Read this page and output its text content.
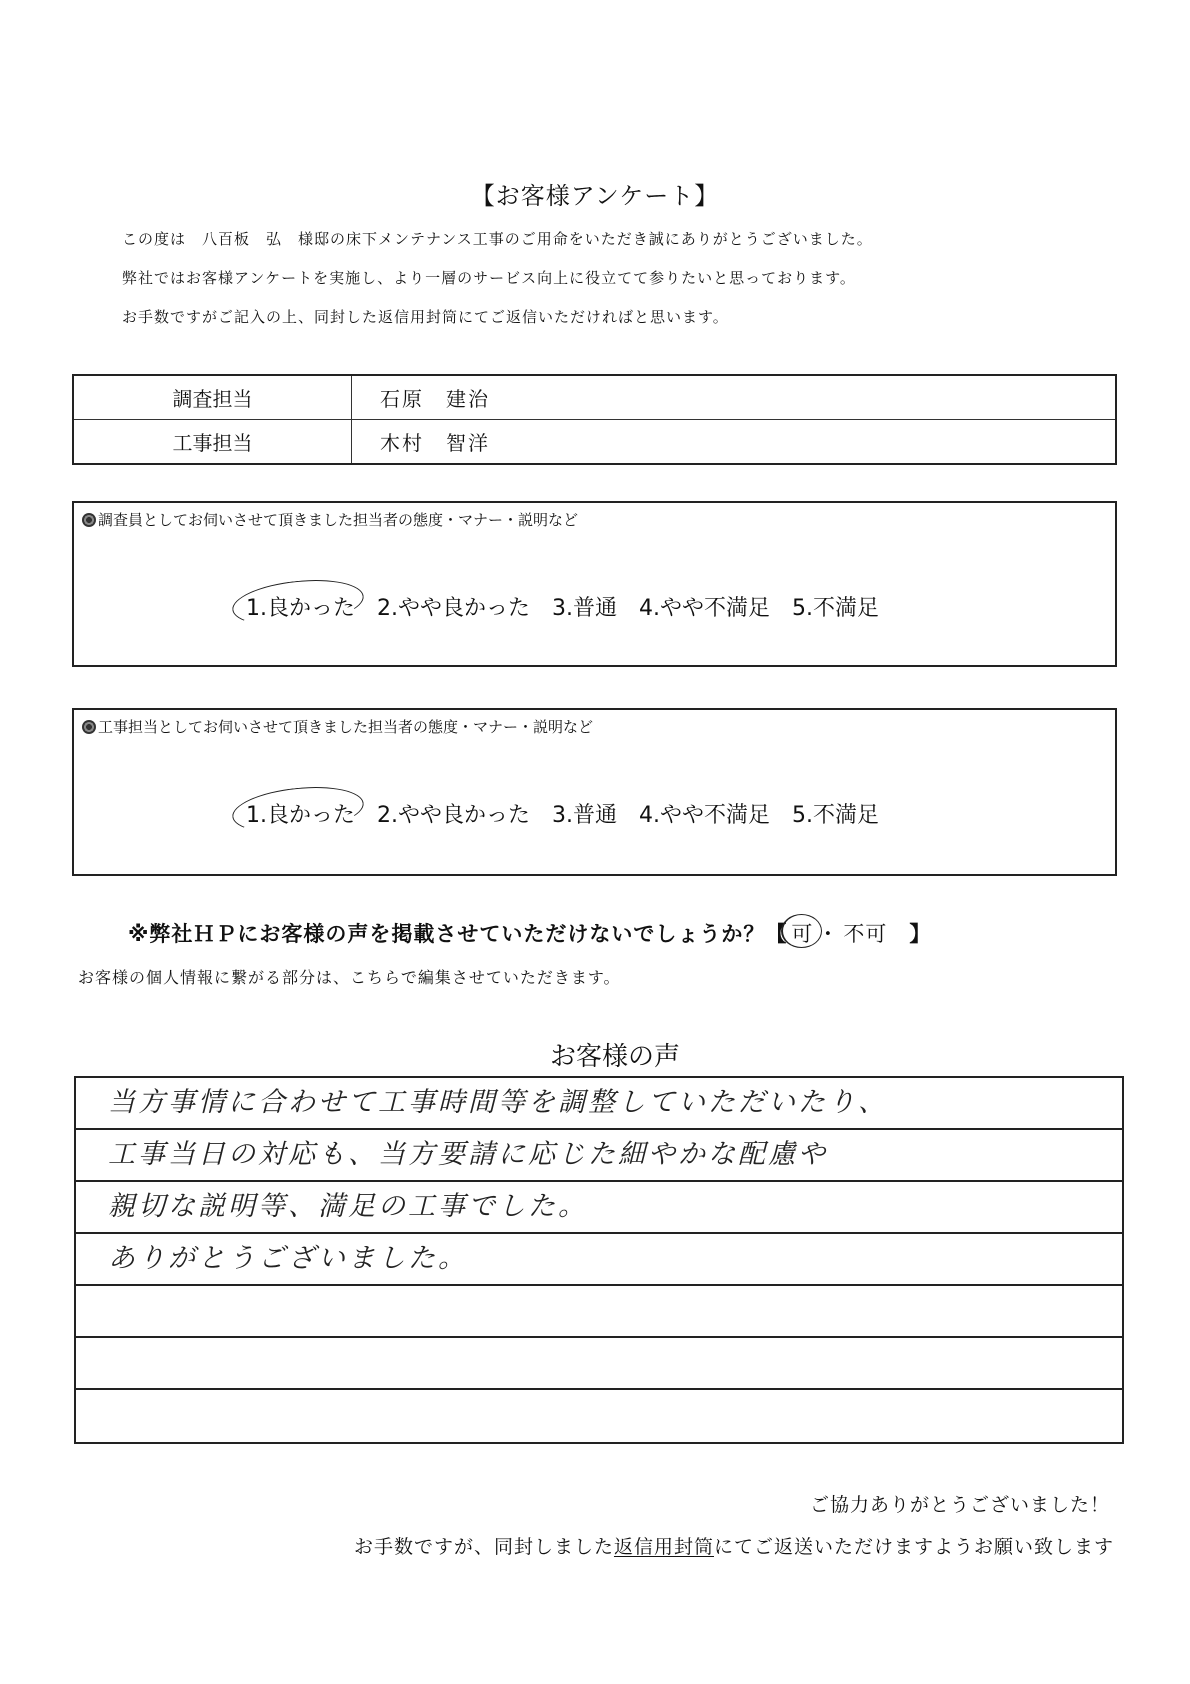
【お客様アンケート】
この度は　八百板　弘　様邸の床下メンテナンス工事のご用命をいただき誠にありがとうございました。
弊社ではお客様アンケートを実施し、より一層のサービス向上に役立てて参りたいと思っております。
お手数ですがご記入の上、同封した返信用封筒にてご返信いただければと思います。
調査担当	石原　建治
工事担当	木村　智洋
調査員としてお伺いさせて頂きました担当者の態度・マナー・説明など
1.良かった 2.やや良かった 3.普通 4.やや不満足 5.不満足
工事担当としてお伺いさせて頂きました担当者の態度・マナー・説明など
1.良かった 2.やや良かった 3.普通 4.やや不満足 5.不満足
※弊社ＨＰにお客様の声を掲載させていただけないでしょうか？【 可 ・ 不可 】
お客様の個人情報に繋がる部分は、こちらで編集させていただきます。
お客様の声
当方事情に合わせて工事時間等を調整していただいたり、
工事当日の対応も、当方要請に応じた細やかな配慮や
親切な説明等、満足の工事でした。
ありがとうございました。
ご協力ありがとうございました！
お手数ですが、同封しました返信用封筒にてご返送いただけますようお願い致します
